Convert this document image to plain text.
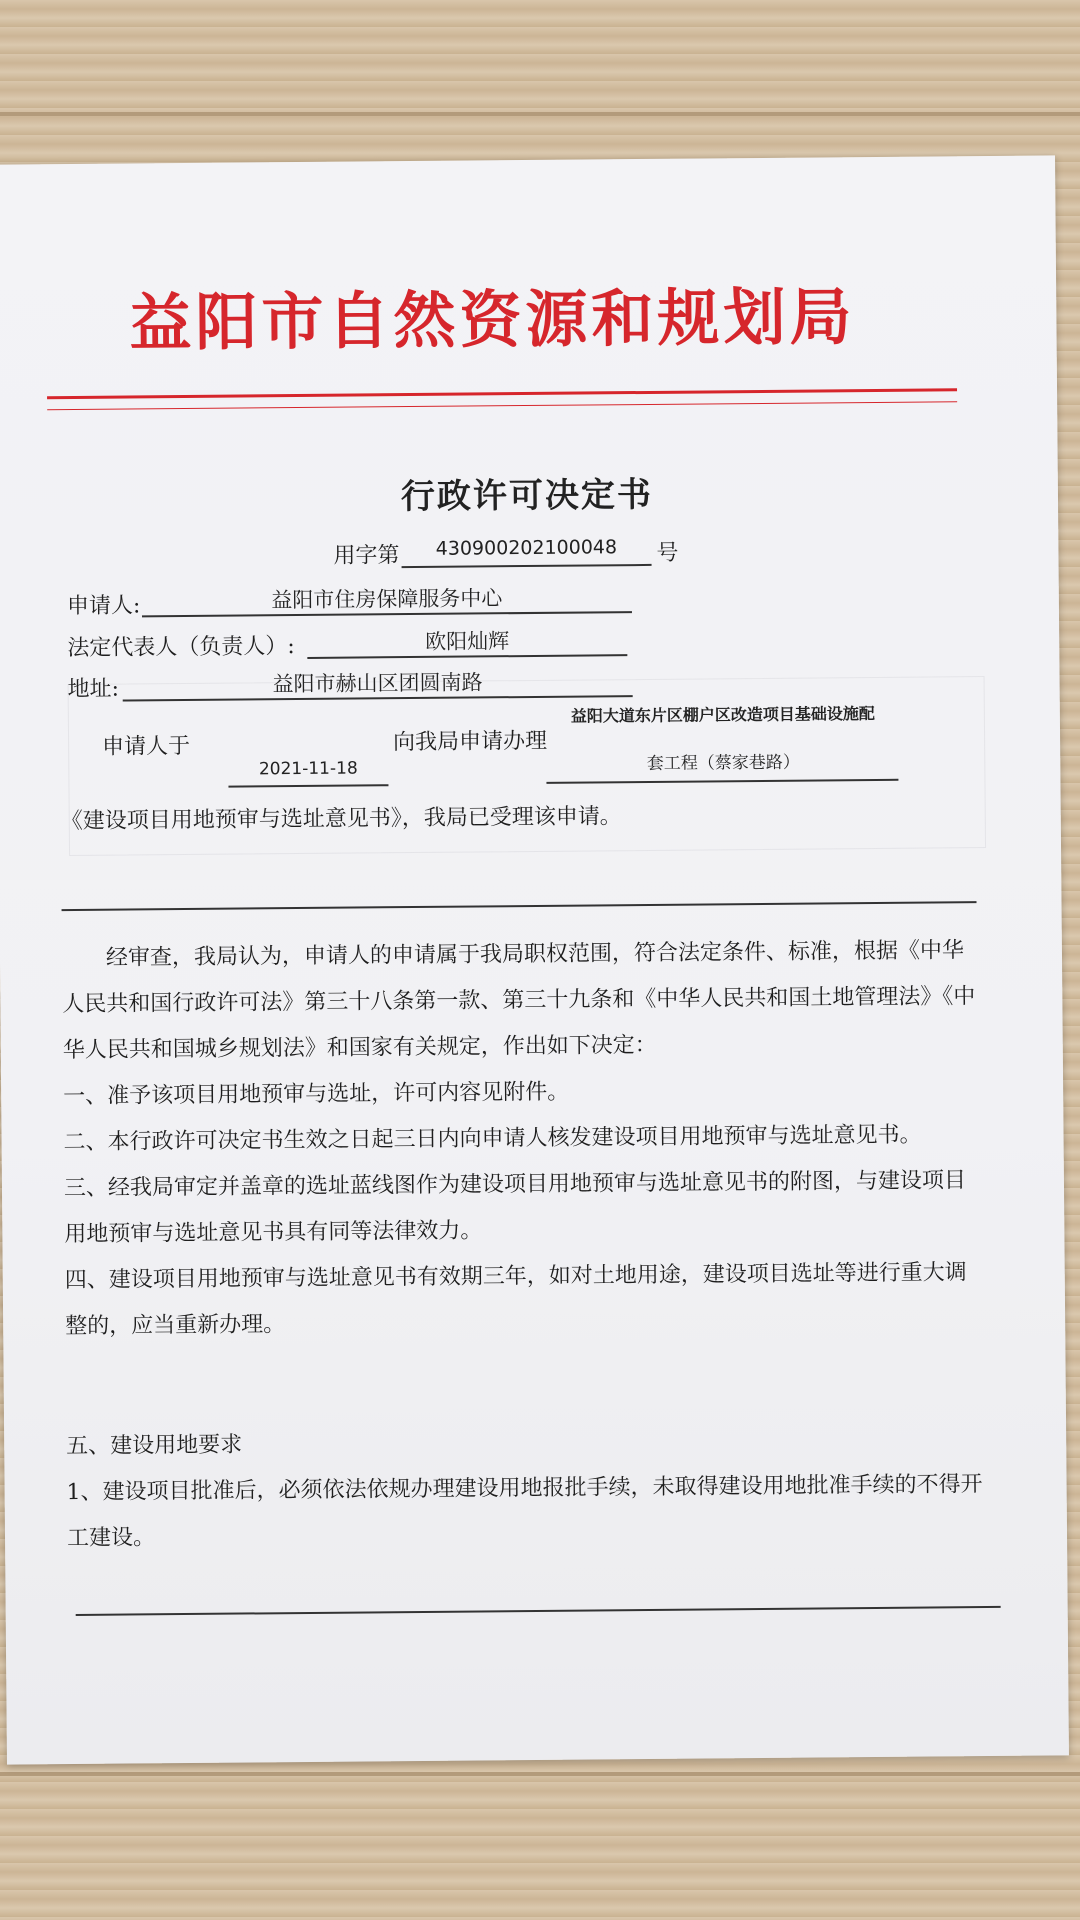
益阳市自然资源和规划局
行政许可决定书
用字第	430900202100048	号
申请人:	益阳市住房保障服务中心
法定代表人（负责人）:	欧阳灿辉
地址:	益阳市赫山区团圆南路
申请人于
2021-11-18
向我局申请办理
益阳大道东片区棚户区改造项目基础设施配
套工程（蔡家巷路）
《建设项目用地预审与选址意见书》，我局已受理该申请。

经审查，我局认为，申请人的申请属于我局职权范围，符合法定条件、标准，根据《中华人民共和国行政许可法》第三十八条第一款、第三十九条和《中华人民共和国土地管理法》《中华人民共和国城乡规划法》和国家有关规定，作出如下决定：

一、准予该项目用地预审与选址，许可内容见附件。

二、本行政许可决定书生效之日起三日内向申请人核发建设项目用地预审与选址意见书。

三、经我局审定并盖章的选址蓝线图作为建设项目用地预审与选址意见书的附图，与建设项目用地预审与选址意见书具有同等法律效力。

四、建设项目用地预审与选址意见书有效期三年，如对土地用途，建设项目选址等进行重大调整的，应当重新办理。

五、建设用地要求

1、建设项目批准后，必须依法依规办理建设用地报批手续，未取得建设用地批准手续的不得开工建设。
